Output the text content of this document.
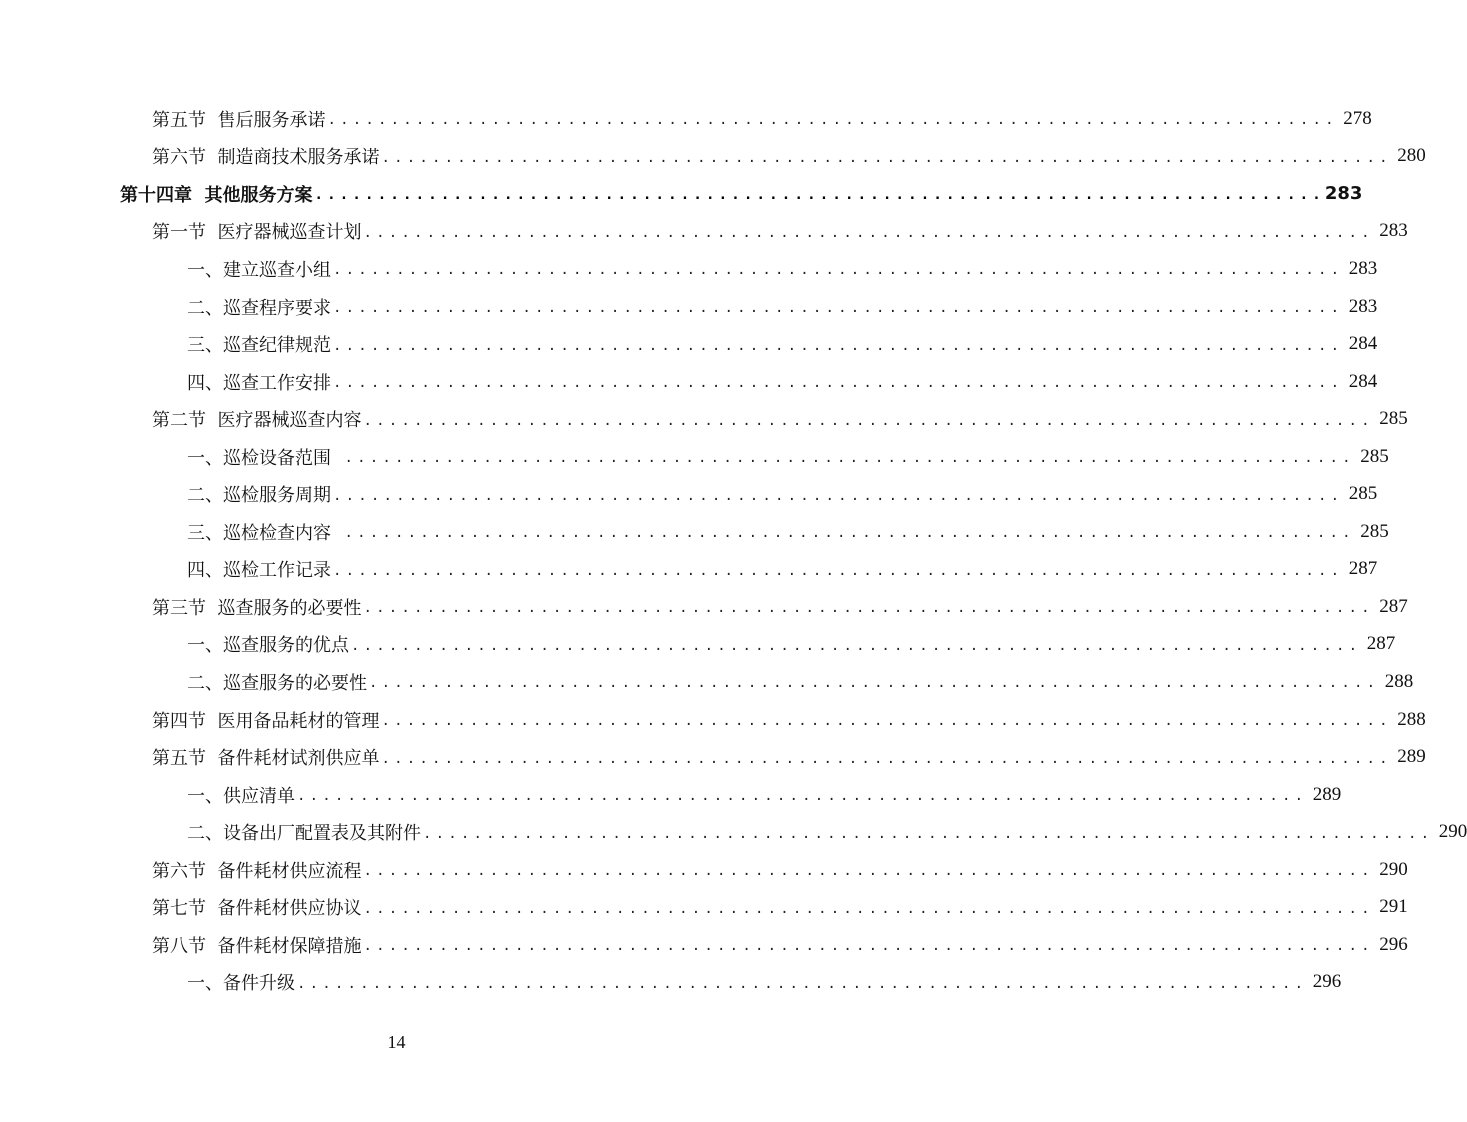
第五节  售后服务承诺 ................................................................................ 278
第六节  制造商技术服务承诺 ................................................................................ 280
第十四章  其他服务方案 ................................................................................ 283
第一节  医疗器械巡查计划 ................................................................................ 283
一、建立巡查小组 ................................................................................ 283
二、巡查程序要求 ................................................................................ 283
三、巡查纪律规范 ................................................................................ 284
四、巡查工作安排 ................................................................................ 284
第二节  医疗器械巡查内容 ................................................................................ 285
一、巡检设备范围 ................................................................................ 285
二、巡检服务周期 ................................................................................ 285
三、巡检检查内容 ................................................................................ 285
四、巡检工作记录 ................................................................................ 287
第三节  巡查服务的必要性 ................................................................................ 287
一、巡查服务的优点 ................................................................................ 287
二、巡查服务的必要性 ................................................................................ 288
第四节  医用备品耗材的管理 ................................................................................ 288
第五节  备件耗材试剂供应单 ................................................................................ 289
一、供应清单 ................................................................................ 289
二、设备出厂配置表及其附件 ................................................................................ 290
第六节  备件耗材供应流程 ................................................................................ 290
第七节  备件耗材供应协议 ................................................................................ 291
第八节  备件耗材保障措施 ................................................................................ 296
一、备件升级 ................................................................................ 296
14
